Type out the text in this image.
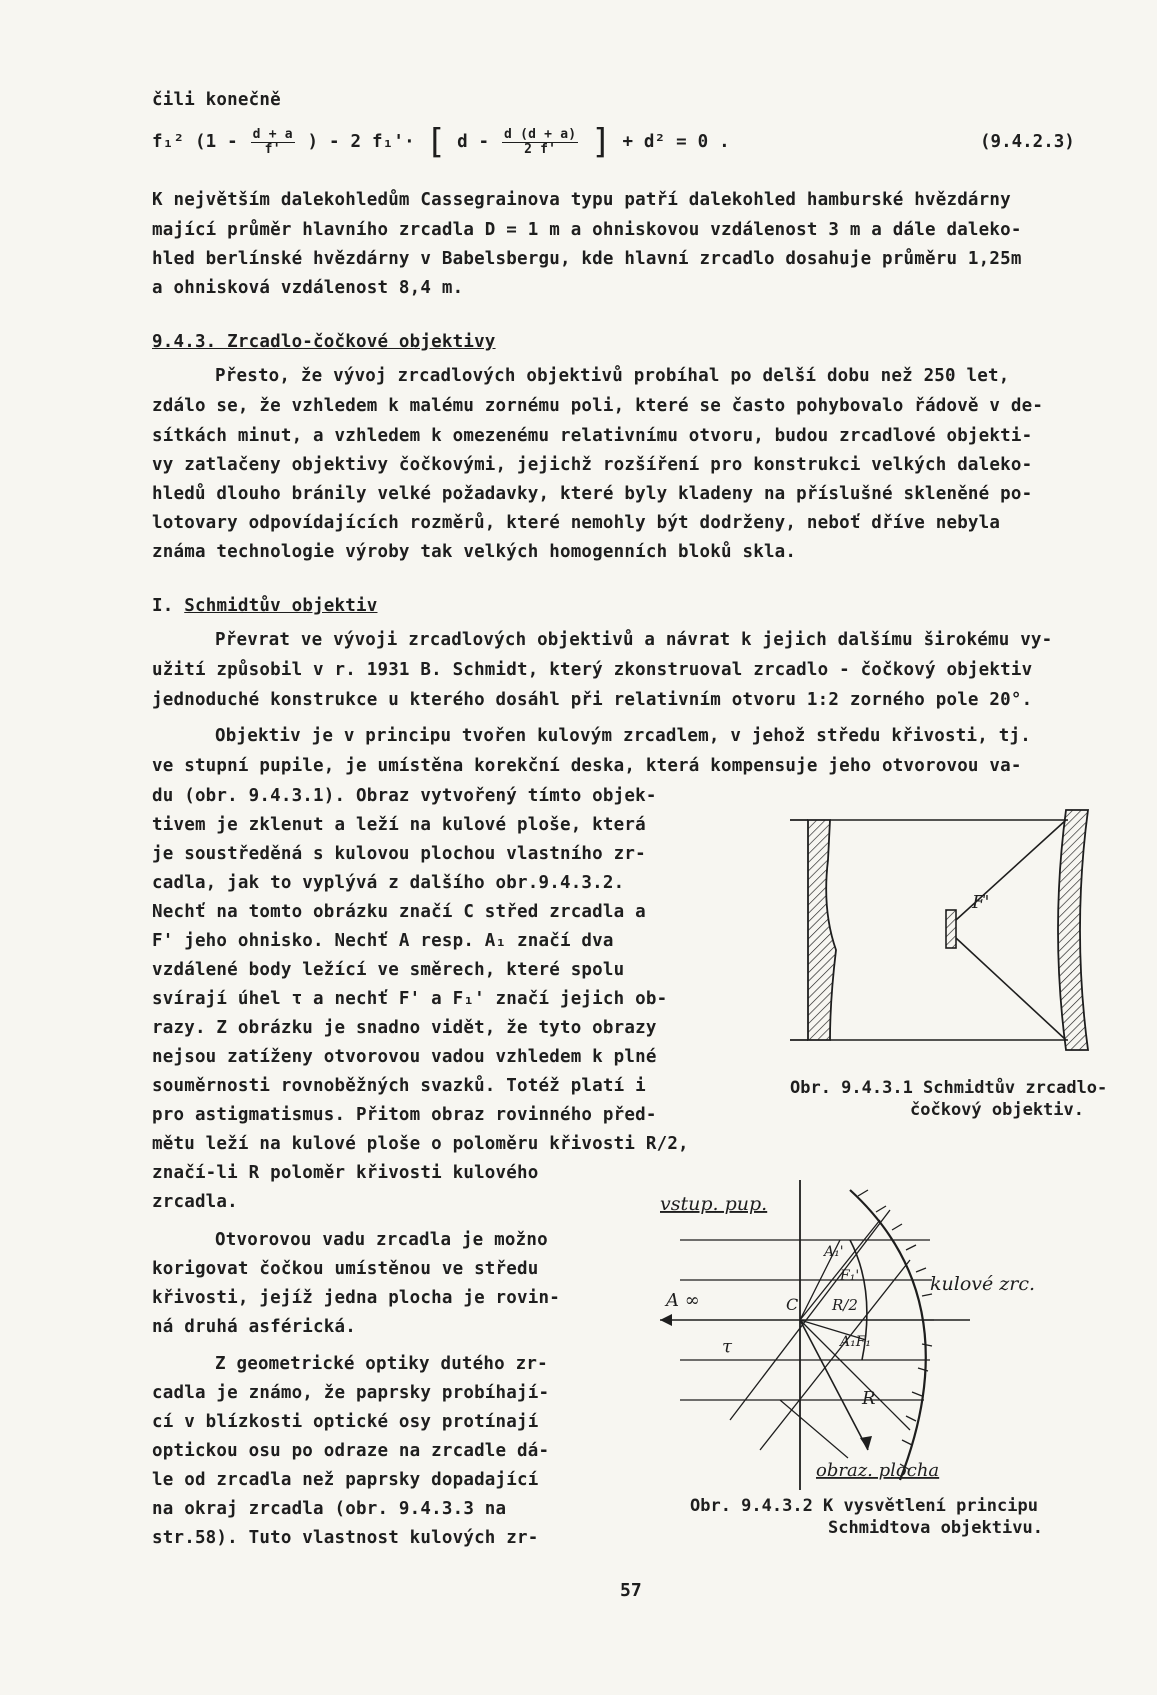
čili konečně
f₁² ($1 - \frac{d + a}{f'}$ ) - 2 f₁'· [ d - $\frac{d (d + a)}{2 f'}$ ] + d² = 0 .	(9.4.2.3)
K největším dalekohledům Cassegrainova typu patří dalekohled hamburské hvězdárny
mající průměr hlavního zrcadla D = 1 m a ohniskovou vzdálenost 3 m a dále daleko-
hled berlínské hvězdárny v Babelsbergu, kde hlavní zrcadlo dosahuje průměru 1,25m
a ohnisková vzdálenost 8,4 m.
9.4.3. Zrcadlo-čočkové objektivy
Přesto, že vývoj zrcadlových objektivů probíhal po delší dobu než 250 let,
zdálo se, že vzhledem k malému zornému poli, které se často pohybovalo řádově v de-
sítkách minut, a vzhledem k omezenému relativnímu otvoru, budou zrcadlové objekti-
vy zatlačeny objektivy čočkovými, jejichž rozšíření pro konstrukci velkých daleko-
hledů dlouho bránily velké požadavky, které byly kladeny na příslušné skleněné po-
lotovary odpovídajících rozměrů, které nemohly být dodrženy, neboť dříve nebyla
známa technologie výroby tak velkých homogenních bloků skla.
I. Schmidtův objektiv
Převrat ve vývoji zrcadlových objektivů a návrat k jejich dalšímu širokému vy-
užití způsobil v r. 1931 B. Schmidt, který zkonstruoval zrcadlo - čočkový objektiv
jednoduché konstrukce u kterého dosáhl při relativním otvoru 1:2 zorného pole 20°.
Objektiv je v principu tvořen kulovým zrcadlem, v jehož středu křivosti, tj.
ve stupní pupile, je umístěna korekční deska, která kompensuje jeho otvorovou va-
du (obr. 9.4.3.1). Obraz vytvořený tímto objek-
tivem je zklenut a leží na kulové ploše, která
je soustředěná s kulovou plochou vlastního zr-
cadla, jak to vyplývá z dalšího obr.9.4.3.2.
Nechť na tomto obrázku značí C střed zrcadla a
F' jeho ohnisko. Nechť A resp. A₁ značí dva
vzdálené body ležící ve směrech, které spolu
svírají úhel τ a nechť F' a F₁' značí jejich ob-
razy. Z obrázku je snadno vidět, že tyto obrazy
nejsou zatíženy otvorovou vadou vzhledem k plné
souměrnosti rovnoběžných svazků. Totéž platí i
pro astigmatismus. Přitom obraz rovinného před-
mětu leží na kulové ploše o poloměru křivosti R/2,
značí-li R poloměr křivosti kulového
zrcadla.
Otvorovou vadu zrcadla je možno
korigovat čočkou umístěnou ve středu
křivosti, jejíž jedna plocha je rovin-
ná druhá asférická.
Z geometrické optiky dutého zr-
cadla je známo, že paprsky probíhají-
cí v blízkosti optické osy protínají
optickou osu po odraze na zrcadle dá-
le od zrcadla než paprsky dopadající
na okraj zrcadla (obr. 9.4.3.3 na
str.58). Tuto vlastnost kulových zr-
F'
Obr. 9.4.3.1 Schmidtův zrcadlo-
čočkový objektiv.
vstup. pup.
A ∞
kulové zrc.
C R/2
A₁'
F₁'
A₁F₁
τ
R
obraz. plocha
Obr. 9.4.3.2 K vysvětlení principu
Schmidtova objektivu.
57
